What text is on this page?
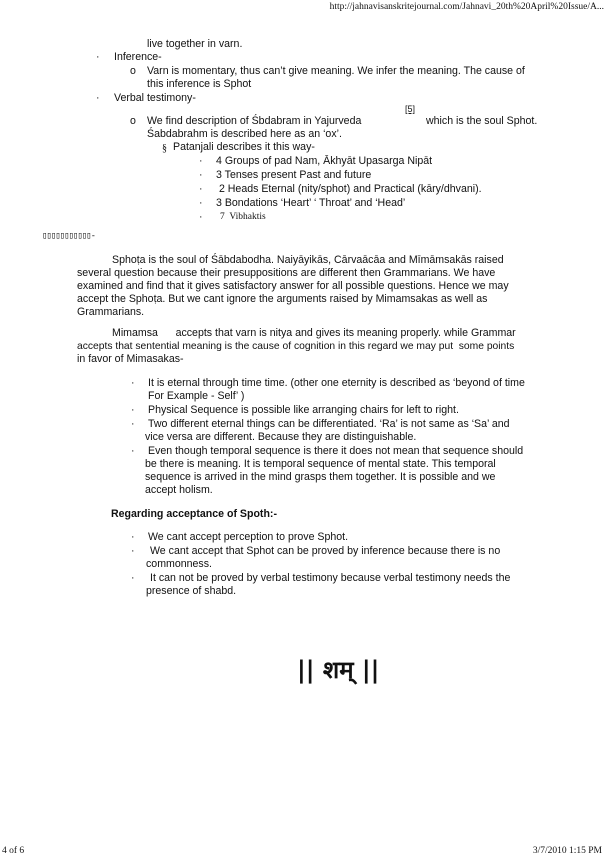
http://jahnavisanskritejournal.com/Jahnavi_20th%20April%20Issue/A...
live together in varn.
· Inference-
o Varn is momentary, thus can’t give meaning. We infer the meaning. The cause of
this inference is Sphot
· Verbal testimony-
o We find description of Śbdabram in Yajurveda
[5]
which is the soul Sphot.
Śabdabrahm is described here as an ‘ox’.
§ Patanjali describes it this way-
· 4 Groups of pad Nam, Ākhyāt Upasarga Nipāt
· 3 Tenses present Past and future
· 2 Heads Eternal (nity/sphot) and Practical (kāry/dhvani).
· 3 Bondations ‘Heart’ ‘ Throat’ and ‘Head’
· 7  Vibhaktis
▯▯▯▯▯▯▯▯▯▯▯-
Sphoṭa is the soul of Śābdabodha. Naiyāyikās, Cārvaācāa and Mīmāmsakās raised
several question because their presuppositions are different then Grammarians. We have
examined and find that it gives satisfactory answer for all possible questions. Hence we may
accept the Sphoṭa. But we cant ignore the arguments raised by Mimamsakas as well as
Grammarians.
Mimamsa      accepts that varn is nitya and gives its meaning properly. while Grammar
accepts that sentential meaning is the cause of cognition in this regard we may put  some points
in favor of Mimasakas-
· It is eternal through time time. (other one eternity is described as ‘beyond of time
For Example - Self’ )
· Physical Sequence is possible like arranging chairs for left to right.
· Two different eternal things can be differentiated. ‘Ra’ is not same as ‘Sa’ and
vice versa are different. Because they are distinguishable.
· Even though temporal sequence is there it does not mean that sequence should
be there is meaning. It is temporal sequence of mental state. This temporal
sequence is arrived in the mind grasps them together. It is possible and we
accept holism.
Regarding acceptance of Spoth:-
· We cant accept perception to prove Sphot.
· We cant accept that Sphot can be proved by inference because there is no
commonness.
· It can not be proved by verbal testimony because verbal testimony needs the
presence of shabd.
|| शम् ||
4 of 6	3/7/2010 1:15 PM
